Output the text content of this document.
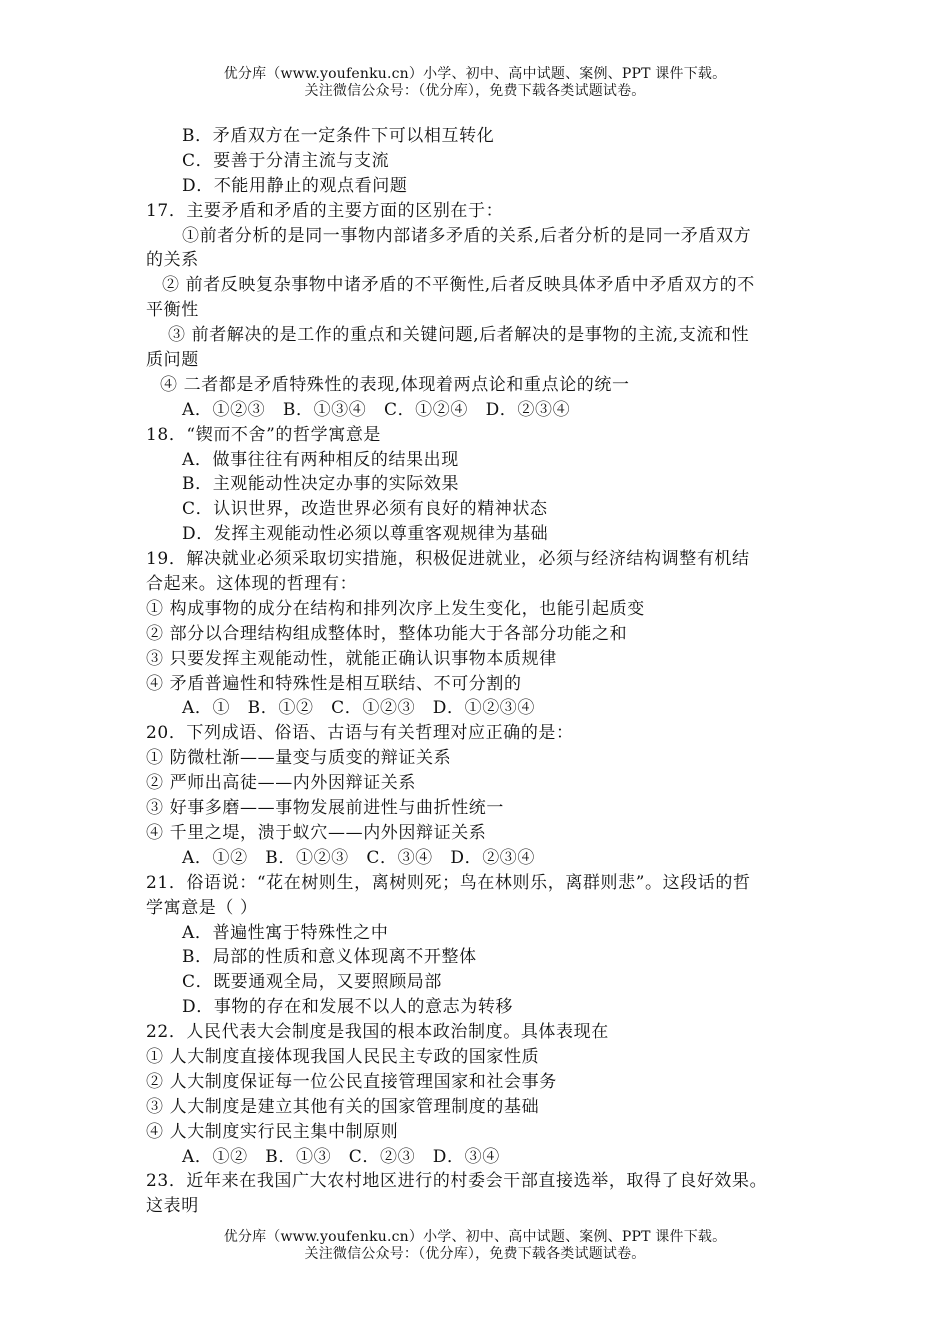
优分库（www.youfenku.cn）小学、初中、高中试题、案例、PPT 课件下载。
关注微信公众号：（优分库），免费下载各类试题试卷。
B．矛盾双方在一定条件下可以相互转化
C．要善于分清主流与支流
D．不能用静止的观点看问题
17．主要矛盾和矛盾的主要方面的区别在于：
①前者分析的是同一事物内部诸多矛盾的关系,后者分析的是同一矛盾双方
的关系
② 前者反映复杂事物中诸矛盾的不平衡性,后者反映具体矛盾中矛盾双方的不
平衡性
③ 前者解决的是工作的重点和关键问题,后者解决的是事物的主流,支流和性
质问题
④ 二者都是矛盾特殊性的表现,体现着两点论和重点论的统一
A．①②③　B．①③④　C．①②④　D．②③④
18．“锲而不舍”的哲学寓意是
A．做事往往有两种相反的结果出现
B．主观能动性决定办事的实际效果
C．认识世界，改造世界必须有良好的精神状态
D．发挥主观能动性必须以尊重客观规律为基础
19．解决就业必须采取切实措施，积极促进就业，必须与经济结构调整有机结
合起来。这体现的哲理有：
① 构成事物的成分在结构和排列次序上发生变化，也能引起质变
② 部分以合理结构组成整体时，整体功能大于各部分功能之和
③ 只要发挥主观能动性，就能正确认识事物本质规律
④ 矛盾普遍性和特殊性是相互联结、不可分割的
A．①　B．①②　C．①②③　D．①②③④
20．下列成语、俗语、古语与有关哲理对应正确的是：
① 防微杜渐——量变与质变的辩证关系
② 严师出高徒——内外因辩证关系
③ 好事多磨——事物发展前进性与曲折性统一
④ 千里之堤，溃于蚁穴——内外因辩证关系
A．①②　B．①②③　C．③④　D．②③④
21．俗语说：“花在树则生，离树则死；鸟在林则乐，离群则悲”。这段话的哲
学寓意是（ ）
A．普遍性寓于特殊性之中
B．局部的性质和意义体现离不开整体
C．既要通观全局，又要照顾局部
D．事物的存在和发展不以人的意志为转移
22．人民代表大会制度是我国的根本政治制度。具体表现在
① 人大制度直接体现我国人民民主专政的国家性质
② 人大制度保证每一位公民直接管理国家和社会事务
③ 人大制度是建立其他有关的国家管理制度的基础
④ 人大制度实行民主集中制原则
A．①②　B．①③　C．②③　D．③④
23．近年来在我国广大农村地区进行的村委会干部直接选举，取得了良好效果。
这表明
优分库（www.youfenku.cn）小学、初中、高中试题、案例、PPT 课件下载。
关注微信公众号：（优分库），免费下载各类试题试卷。
